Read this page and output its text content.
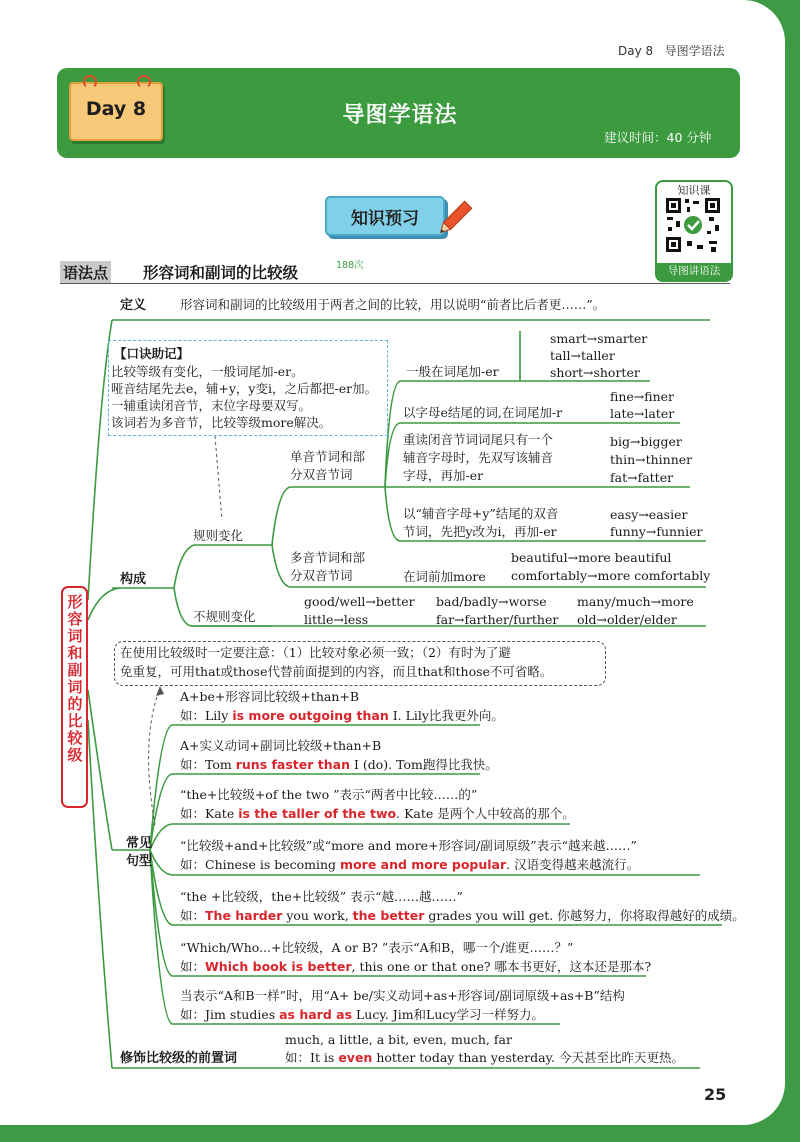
Day 8 导图学语法
Day 8	导图学语法
建议时间：40 分钟
知识预习
知识课
导图讲语法
语法点 形容词和副词的比较级	188次
形容词和副词的比较级
定义	形容词和副词的比较级用于两者之间的比较，用以说明“前者比后者更……”。
【口诀助记】
比较等级有变化，一般词尾加-er。
哑音结尾先去e，辅+y，y变i，之后都把-er加。
一辅重读闭音节，末位字母要双写。
该词若为多音节，比较等级more解决。
smart→smarter
tall→taller
short→shorter
一般在词尾加-er
fine→finer
late→later
以字母e结尾的词,在词尾加-r
重读闭音节词词尾只有一个
辅音字母时，先双写该辅音
字母，再加-er
big→bigger
thin→thinner
fat→fatter
单音节词和部
分双音节词
以“辅音字母+y”结尾的双音
节词，先把y改为i，再加-er
easy→easier
funny→funnier
规则变化
多音节词和部
分双音节词
beautiful→more beautiful
comfortably→more comfortably
在词前加more
构成
good/well→better bad/badly→worse many/much→more
little→less	far→farther/further old→older/elder
不规则变化
在使用比较级时一定要注意：（1）比较对象必须一致；（2）有时为了避
免重复，可用that或those代替前面提到的内容，而且that和those不可省略。
A+be+形容词比较级+than+B
如：Lily is more outgoing than I. Lily比我更外向。
A+实义动词+副词比较级+than+B
如：Tom runs faster than I (do). Tom跑得比我快。
“the+比较级+of the two ”表示“两者中比较……的”
如：Kate is the taller of the two. Kate 是两个人中较高的那个。
常见
句型
“比较级+and+比较级”或“more and more+形容词/副词原级”表示“越来越……”
如：Chinese is becoming more and more popular. 汉语变得越来越流行。
“the +比较级，the+比较级” 表示“越……越……”
如：The harder you work, the better grades you will get. 你越努力，你将取得越好的成绩。
“Which/Who...+比较级，A or B? ”表示“A和B，哪一个/谁更……？”
如：Which book is better, this one or that one? 哪本书更好，这本还是那本?
当表示“A和B一样”时，用“A+ be/实义动词+as+形容词/副词原级+as+B”结构
如：Jim studies as hard as Lucy. Jim和Lucy学习一样努力。
much, a little, a bit, even, much, far
修饰比较级的前置词	如：It is even hotter today than yesterday. 今天甚至比昨天更热。
25
